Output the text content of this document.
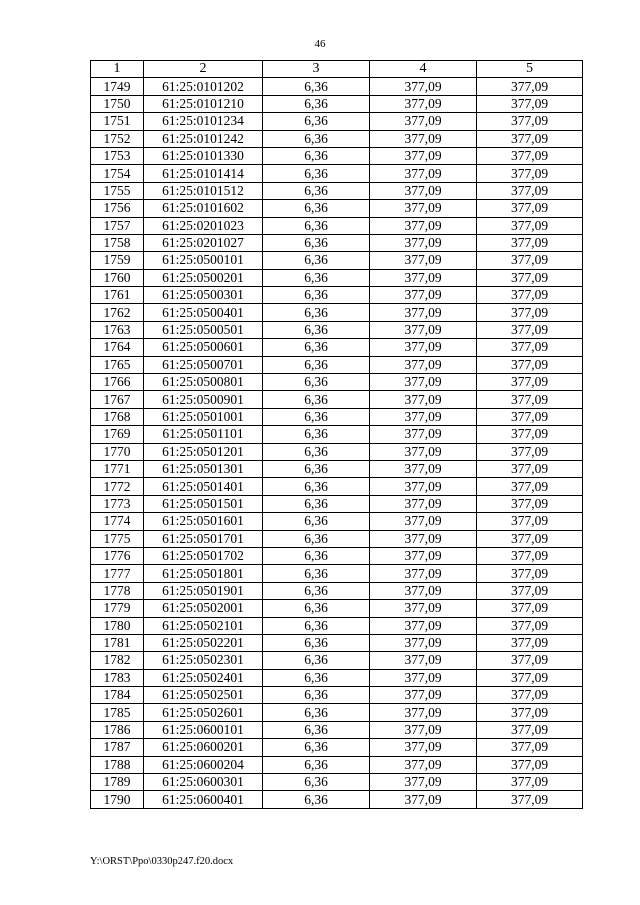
46
1	2	3	4	5
1749	61:25:0101202	6,36	377,09	377,09
1750	61:25:0101210	6,36	377,09	377,09
1751	61:25:0101234	6,36	377,09	377,09
1752	61:25:0101242	6,36	377,09	377,09
1753	61:25:0101330	6,36	377,09	377,09
1754	61:25:0101414	6,36	377,09	377,09
1755	61:25:0101512	6,36	377,09	377,09
1756	61:25:0101602	6,36	377,09	377,09
1757	61:25:0201023	6,36	377,09	377,09
1758	61:25:0201027	6,36	377,09	377,09
1759	61:25:0500101	6,36	377,09	377,09
1760	61:25:0500201	6,36	377,09	377,09
1761	61:25:0500301	6,36	377,09	377,09
1762	61:25:0500401	6,36	377,09	377,09
1763	61:25:0500501	6,36	377,09	377,09
1764	61:25:0500601	6,36	377,09	377,09
1765	61:25:0500701	6,36	377,09	377,09
1766	61:25:0500801	6,36	377,09	377,09
1767	61:25:0500901	6,36	377,09	377,09
1768	61:25:0501001	6,36	377,09	377,09
1769	61:25:0501101	6,36	377,09	377,09
1770	61:25:0501201	6,36	377,09	377,09
1771	61:25:0501301	6,36	377,09	377,09
1772	61:25:0501401	6,36	377,09	377,09
1773	61:25:0501501	6,36	377,09	377,09
1774	61:25:0501601	6,36	377,09	377,09
1775	61:25:0501701	6,36	377,09	377,09
1776	61:25:0501702	6,36	377,09	377,09
1777	61:25:0501801	6,36	377,09	377,09
1778	61:25:0501901	6,36	377,09	377,09
1779	61:25:0502001	6,36	377,09	377,09
1780	61:25:0502101	6,36	377,09	377,09
1781	61:25:0502201	6,36	377,09	377,09
1782	61:25:0502301	6,36	377,09	377,09
1783	61:25:0502401	6,36	377,09	377,09
1784	61:25:0502501	6,36	377,09	377,09
1785	61:25:0502601	6,36	377,09	377,09
1786	61:25:0600101	6,36	377,09	377,09
1787	61:25:0600201	6,36	377,09	377,09
1788	61:25:0600204	6,36	377,09	377,09
1789	61:25:0600301	6,36	377,09	377,09
1790	61:25:0600401	6,36	377,09	377,09
Y:\ORST\Ppo\0330p247.f20.docx
